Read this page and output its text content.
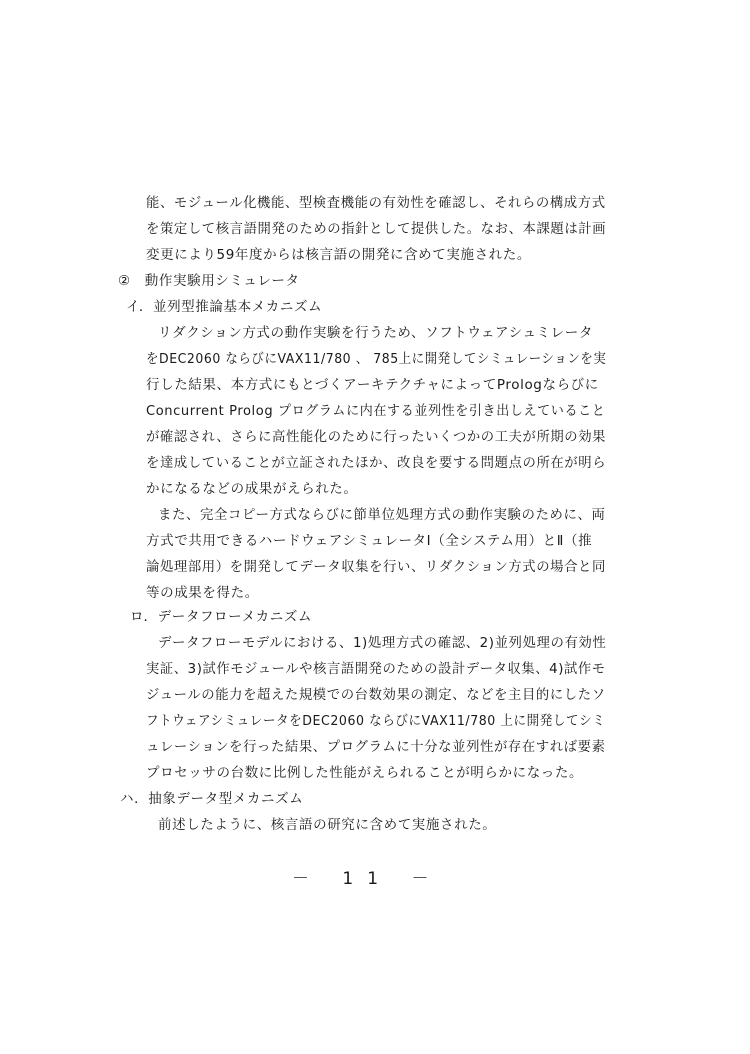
能、モジュール化機能、型検査機能の有効性を確認し、それらの構成方式
を策定して核言語開発のための指針として提供した。なお、本課題は計画
変更により59年度からは核言語の開発に含めて実施された。
②　動作実験用シミュレータ
イ．並列型推論基本メカニズム
リダクション方式の動作実験を行うため、ソフトウェアシュミレータ
をDEC2060 ならびにVAX11/780 、 785上に開発してシミュレーションを実
行した結果、本方式にもとづくアーキテクチャによってPrologならびに
Concurrent Prolog プログラムに内在する並列性を引き出しえていること
が確認され、さらに高性能化のために行ったいくつかの工夫が所期の効果
を達成していることが立証されたほか、改良を要する問題点の所在が明ら
かになるなどの成果がえられた。
また、完全コピー方式ならびに節単位処理方式の動作実験のために、両
方式で共用できるハードウェアシミュレータⅠ（全システム用）とⅡ（推
論処理部用）を開発してデータ収集を行い、リダクション方式の場合と同
等の成果を得た。
ロ．データフローメカニズム
データフローモデルにおける、1)処理方式の確認、2)並列処理の有効性
実証、3)試作モジュールや核言語開発のための設計データ収集、4)試作モ
ジュールの能力を超えた規模での台数効果の測定、などを主目的にしたソ
フトウェアシミュレータをDEC2060 ならびにVAX11/780 上に開発してシミ
ュレーションを行った結果、プログラムに十分な並列性が存在すれば要素
プロセッサの台数に比例した性能がえられることが明らかになった。
ハ．抽象データ型メカニズム
前述したように、核言語の研究に含めて実施された。
－ 11 －
